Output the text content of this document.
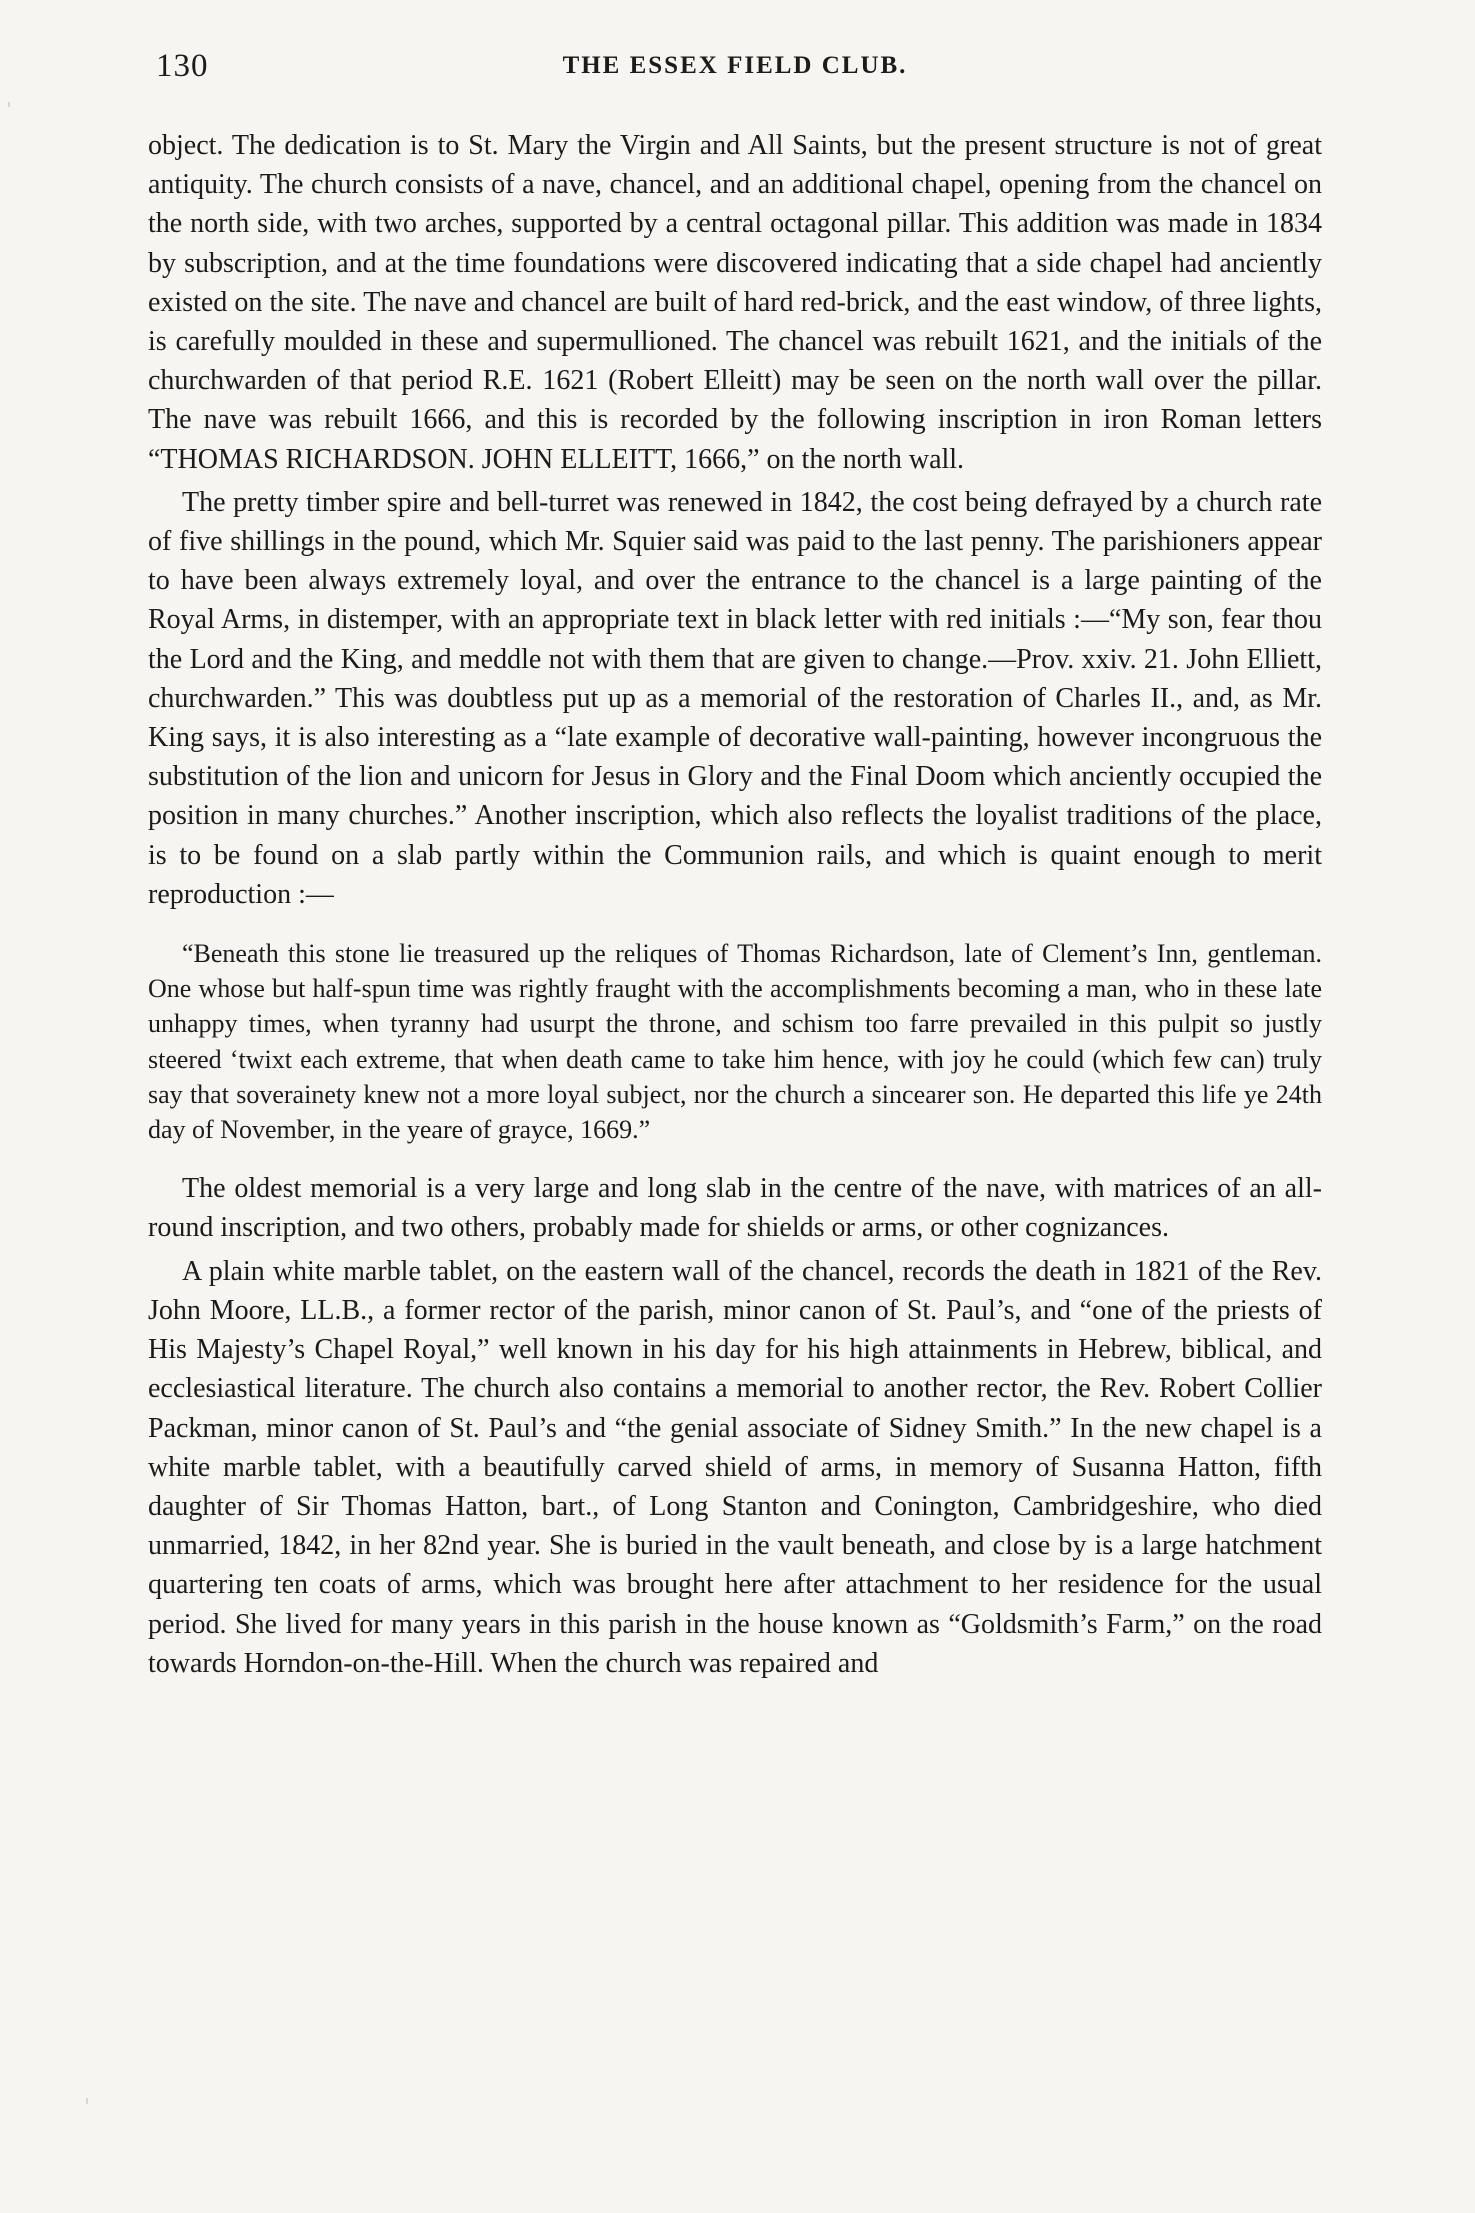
130	THE ESSEX FIELD CLUB.

object. The dedication is to St. Mary the Virgin and All Saints, but the present structure is not of great antiquity. The church consists of a nave, chancel, and an additional chapel, opening from the chancel on the north side, with two arches, supported by a central octagonal pillar. This addition was made in 1834 by subscription, and at the time foundations were discovered indicating that a side chapel had anciently existed on the site. The nave and chancel are built of hard red-brick, and the east window, of three lights, is carefully moulded in these and supermullioned. The chancel was rebuilt 1621, and the initials of the churchwarden of that period R.E. 1621 (Robert Elleitt) may be seen on the north wall over the pillar. The nave was rebuilt 1666, and this is recorded by the following inscription in iron Roman letters “THOMAS RICHARDSON. JOHN ELLEITT, 1666,” on the north wall.

The pretty timber spire and bell-turret was renewed in 1842, the cost being defrayed by a church rate of five shillings in the pound, which Mr. Squier said was paid to the last penny. The parishioners appear to have been always extremely loyal, and over the entrance to the chancel is a large painting of the Royal Arms, in distemper, with an appropriate text in black letter with red initials :—“My son, fear thou the Lord and the King, and meddle not with them that are given to change.—Prov. xxiv. 21. John Elliett, churchwarden.” This was doubtless put up as a memorial of the restoration of Charles II., and, as Mr. King says, it is also interesting as a “late example of decorative wall-painting, however incongruous the substitution of the lion and unicorn for Jesus in Glory and the Final Doom which anciently occupied the position in many churches.” Another inscription, which also reflects the loyalist traditions of the place, is to be found on a slab partly within the Communion rails, and which is quaint enough to merit reproduction :—

“Beneath this stone lie treasured up the reliques of Thomas Richardson, late of Clement’s Inn, gentleman. One whose but half-spun time was rightly fraught with the accomplishments becoming a man, who in these late unhappy times, when tyranny had usurpt the throne, and schism too farre prevailed in this pulpit so justly steered ‘twixt each extreme, that when death came to take him hence, with joy he could (which few can) truly say that soverainety knew not a more loyal subject, nor the church a sincearer son. He departed this life ye 24th day of November, in the yeare of grayce, 1669.”

The oldest memorial is a very large and long slab in the centre of the nave, with matrices of an all-round inscription, and two others, probably made for shields or arms, or other cognizances.

A plain white marble tablet, on the eastern wall of the chancel, records the death in 1821 of the Rev. John Moore, LL.B., a former rector of the parish, minor canon of St. Paul’s, and “one of the priests of His Majesty’s Chapel Royal,” well known in his day for his high attainments in Hebrew, biblical, and ecclesiastical literature. The church also contains a memorial to another rector, the Rev. Robert Collier Packman, minor canon of St. Paul’s and “the genial associate of Sidney Smith.” In the new chapel is a white marble tablet, with a beautifully carved shield of arms, in memory of Susanna Hatton, fifth daughter of Sir Thomas Hatton, bart., of Long Stanton and Conington, Cambridgeshire, who died unmarried, 1842, in her 82nd year. She is buried in the vault beneath, and close by is a large hatchment quartering ten coats of arms, which was brought here after attachment to her residence for the usual period. She lived for many years in this parish in the house known as “Goldsmith’s Farm,” on the road towards Horndon-on-the-Hill. When the church was repaired and
